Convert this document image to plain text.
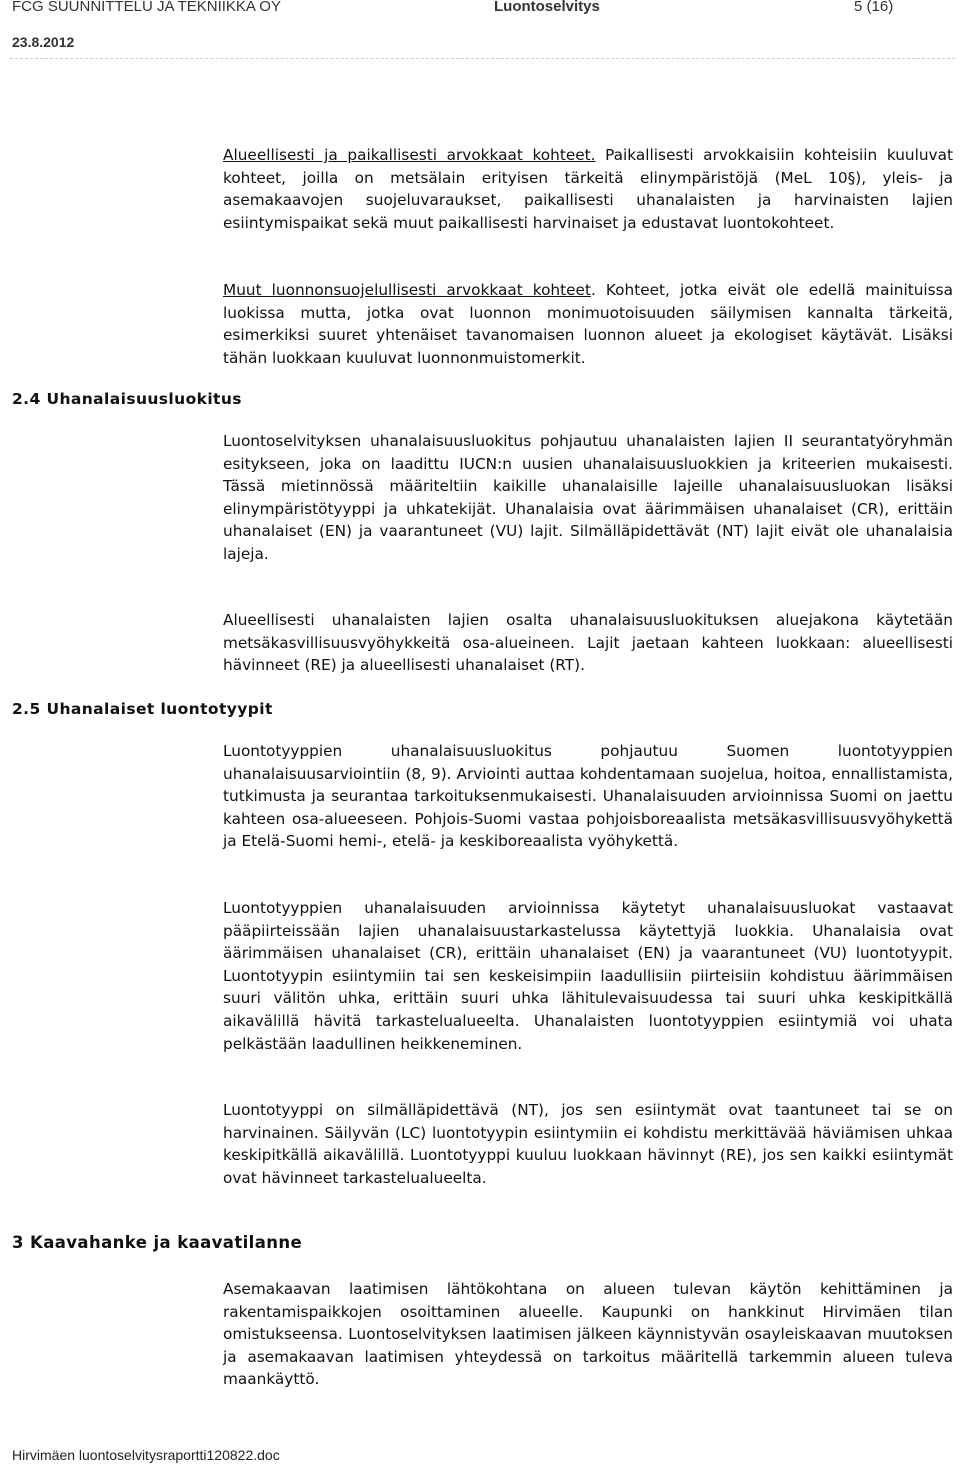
FCG SUUNNITTELU JA TEKNIIKKA OY	Luontoselvitys	5 (16)
23.8.2012

Alueellisesti ja paikallisesti arvokkaat kohteet. Paikallisesti arvokkaisiin kohteisiin kuuluvat kohteet, joilla on metsälain erityisen tärkeitä elinympäristöjä (MeL 10§), yleis- ja asemakaavojen suojeluvaraukset, paikallisesti uhanalaisten ja harvinaisten lajien esiintymispaikat sekä muut paikallisesti harvinaiset ja edustavat luontokohteet.

Muut luonnonsuojelullisesti arvokkaat kohteet. Kohteet, jotka eivät ole edellä mainituissa luokissa mutta, jotka ovat luonnon monimuotoisuuden säilymisen kannalta tärkeitä, esimerkiksi suuret yhtenäiset tavanomaisen luonnon alueet ja ekologiset käytävät. Lisäksi tähän luokkaan kuuluvat luonnonmuistomerkit.

2.4 Uhanalaisuusluokitus

Luontoselvityksen uhanalaisuusluokitus pohjautuu uhanalaisten lajien II seurantatyöryhmän esitykseen, joka on laadittu IUCN:n uusien uhanalaisuusluokkien ja kriteerien mukaisesti. Tässä mietinnössä määriteltiin kaikille uhanalaisille lajeille uhanalaisuusluokan lisäksi elinympäristötyyppi ja uhkatekijät. Uhanalaisia ovat äärimmäisen uhanalaiset (CR), erittäin uhanalaiset (EN) ja vaarantuneet (VU) lajit. Silmälläpidettävät (NT) lajit eivät ole uhanalaisia lajeja.

Alueellisesti uhanalaisten lajien osalta uhanalaisuusluokituksen aluejakona käytetään metsäkasvillisuusvyöhykkeitä osa-alueineen. Lajit jaetaan kahteen luokkaan: alueellisesti hävinneet (RE) ja alueellisesti uhanalaiset (RT).

2.5 Uhanalaiset luontotyypit

Luontotyyppien uhanalaisuusluokitus pohjautuu Suomen luontotyyppien uhanalaisuusarviointiin (8, 9). Arviointi auttaa kohdentamaan suojelua, hoitoa, ennallistamista, tutkimusta ja seurantaa tarkoituksenmukaisesti. Uhanalaisuuden arvioinnissa Suomi on jaettu kahteen osa-alueeseen. Pohjois-Suomi vastaa pohjoisboreaalista metsäkasvillisuusvyöhykettä ja Etelä-Suomi hemi-, etelä- ja keskiboreaalista vyöhykettä.

Luontotyyppien uhanalaisuuden arvioinnissa käytetyt uhanalaisuusluokat vastaavat pääpiirteissään lajien uhanalaisuustarkastelussa käytettyjä luokkia. Uhanalaisia ovat äärimmäisen uhanalaiset (CR), erittäin uhanalaiset (EN) ja vaarantuneet (VU) luontotyypit. Luontotyypin esiintymiin tai sen keskeisimpiin laadullisiin piirteisiin kohdistuu äärimmäisen suuri välitön uhka, erittäin suuri uhka lähitulevaisuudessa tai suuri uhka keskipitkällä aikavälillä hävitä tarkastelualueelta. Uhanalaisten luontotyyppien esiintymiä voi uhata pelkästään laadullinen heikkeneminen.

Luontotyyppi on silmälläpidettävä (NT), jos sen esiintymät ovat taantuneet tai se on harvinainen. Säilyvän (LC) luontotyypin esiintymiin ei kohdistu merkittävää häviämisen uhkaa keskipitkällä aikavälillä. Luontotyyppi kuuluu luokkaan hävinnyt (RE), jos sen kaikki esiintymät ovat hävinneet tarkastelualueelta.

3 Kaavahanke ja kaavatilanne

Asemakaavan laatimisen lähtökohtana on alueen tulevan käytön kehittäminen ja rakentamispaikkojen osoittaminen alueelle. Kaupunki on hankkinut Hirvimäen tilan omistukseensa. Luontoselvityksen laatimisen jälkeen käynnistyvän osayleiskaavan muutoksen ja asemakaavan laatimisen yhteydessä on tarkoitus määritellä tarkemmin alueen tuleva maankäyttö.

Hirvimäen luontoselvitysraportti120822.doc
